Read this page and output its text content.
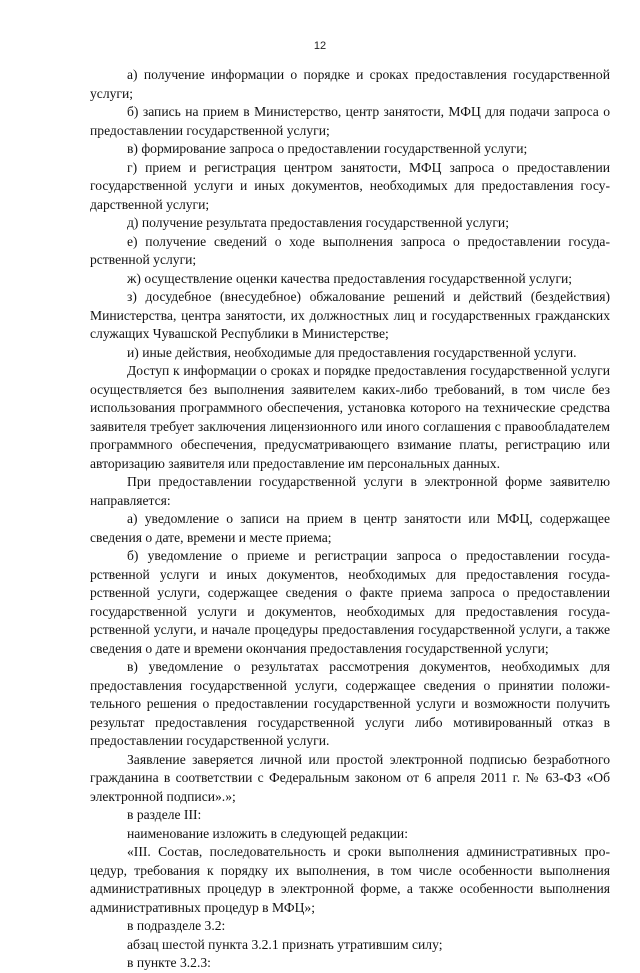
12

а) получение информации о порядке и сроках предоставления государственной услуги;

б) запись на прием в Министерство, центр занятости, МФЦ для подачи запроса о предоставлении государственной услуги;

в) формирование запроса о предоставлении государственной услуги;

г) прием и регистрация центром занятости, МФЦ запроса о предоставлении государственной услуги и иных документов, необходимых для предоставления государственной услуги;

д) получение результата предоставления государственной услуги;

е) получение сведений о ходе выполнения запроса о предоставлении государственной услуги;

ж) осуществление оценки качества предоставления государственной услуги;

з) досудебное (внесудебное) обжалование решений и действий (бездействия) Министерства, центра занятости, их должностных лиц и государственных гражданских служащих Чувашской Республики в Министерстве;

и) иные действия, необходимые для предоставления государственной услуги.

Доступ к информации о сроках и порядке предоставления государственной услуги осуществляется без выполнения заявителем каких-либо требований, в том числе без использования программного обеспечения, установка которого на технические средства заявителя требует заключения лицензионного или иного соглашения с правообладателем программного обеспечения, предусматривающего взимание платы, регистрацию или авторизацию заявителя или предоставление им персональных данных.

При предоставлении государственной услуги в электронной форме заявителю направляется:

а) уведомление о записи на прием в центр занятости или МФЦ, содержащее сведения о дате, времени и месте приема;

б) уведомление о приеме и регистрации запроса о предоставлении государственной услуги и иных документов, необходимых для предоставления государственной услуги, содержащее сведения о факте приема запроса о предоставлении государственной услуги и документов, необходимых для предоставления государственной услуги, и начале процедуры предоставления государственной услуги, а также сведения о дате и времени окончания предоставления государственной услуги;

в) уведомление о результатах рассмотрения документов, необходимых для предоставления государственной услуги, содержащее сведения о принятии положительного решения о предоставлении государственной услуги и возможности получить результат предоставления государственной услуги либо мотивированный отказ в предоставлении государственной услуги.

Заявление заверяется личной или простой электронной подписью безработного гражданина в соответствии с Федеральным законом от 6 апреля 2011 г. № 63-ФЗ «Об электронной подписи».»;

в разделе III:

наименование изложить в следующей редакции:

«III. Состав, последовательность и сроки выполнения административных процедур, требования к порядку их выполнения, в том числе особенности выполнения административных процедур в электронной форме, а также особенности выполнения административных процедур в МФЦ»;

в подразделе 3.2:

абзац шестой пункта 3.2.1 признать утратившим силу;

в пункте 3.2.3:
